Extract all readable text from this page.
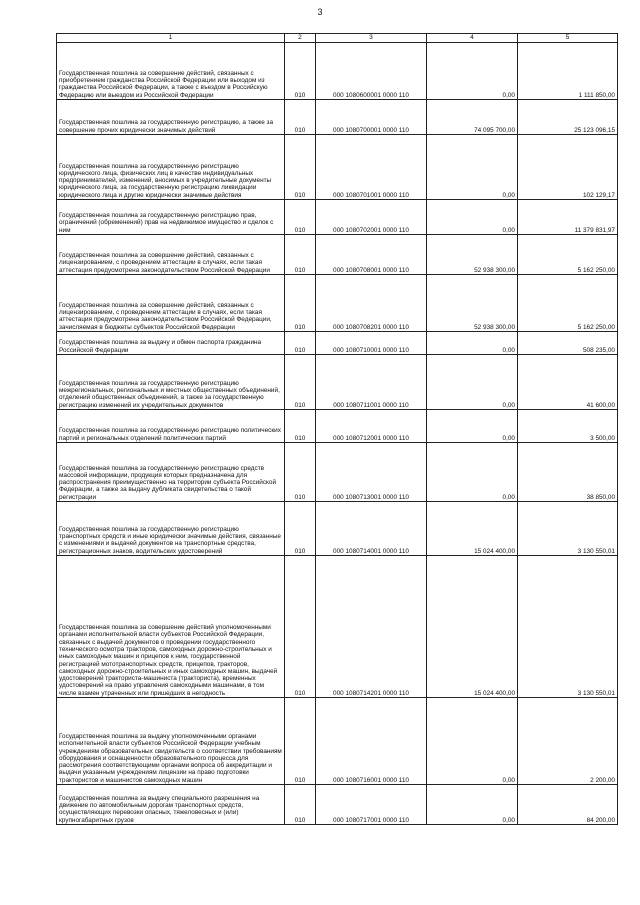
3
1	2	3	4	5
Государственная пошлина за совершение действий, связанных с приобретением гражданства Российской Федерации или выходом из гражданства Российской Федерации, а также с въездом в Российскую Федерацию или выездом из Российской Федерации	010	000 1080600001 0000 110	0,00	1 111 850,00
Государственная пошлина за государственную регистрацию, а также за совершение прочих юридически значимых действий	010	000 1080700001 0000 110	74 095 700,00	25 123 096,15
Государственная пошлина за государственную регистрацию юридического лица, физических лиц в качестве индивидуальных предпринимателей, изменений, вносимых в учредительные документы юридического лица, за государственную регистрацию ликвидации юридического лица и другие юридически значимые действия	010	000 1080701001 0000 110	0,00	102 129,17
Государственная пошлина за государственную регистрацию прав, ограничений (обременений) прав на недвижимое имущество и сделок с ним	010	000 1080702001 0000 110	0,00	11 379 831,97
Государственная пошлина за совершение действий, связанных с лицензированием, с проведением аттестации в случаях, если такая аттестация предусмотрена законодательством Российской Федерации	010	000 1080708001 0000 110	52 938 300,00	5 162 250,00
Государственная пошлина за совершение действий, связанных с лицензированием, с проведением аттестации в случаях, если такая аттестация предусмотрена законодательством Российской Федерации, зачисляемая в бюджеты субъектов Российской Федерации	010	000 1080708201 0000 110	52 938 300,00	5 162 250,00
Государственная пошлина за выдачу и обмен паспорта гражданина Российской Федерации	010	000 1080710001 0000 110	0,00	508 235,00
Государственная пошлина за государственную регистрацию межрегиональных, региональных и местных общественных объединений, отделений общественных объединений, а также за государственную регистрацию изменений их учредительных документов	010	000 1080711001 0000 110	0,00	41 600,00
Государственная пошлина за государственную регистрацию политических партий и региональных отделений политических партий	010	000 1080712001 0000 110	0,00	3 500,00
Государственная пошлина за государственную регистрацию средств массовой информации, продукция которых предназначена для распространения преимущественно на территории субъекта Российской Федерации, а также за выдачу дубликата свидетельства о такой регистрации	010	000 1080713001 0000 110	0,00	38 850,00
Государственная пошлина за государственную регистрацию транспортных средств и иные юридически значимые действия, связанные с изменениями и выдачей документов на транспортные средства, регистрационных знаков, водительских удостоверений	010	000 1080714001 0000 110	15 024 400,00	3 130 550,01
Государственная пошлина за совершение действий уполномоченными органами исполнительной власти субъектов Российской Федерации, связанных с выдачей документов о проведении государственного технического осмотра тракторов, самоходных дорожно-строительных и иных самоходных машин и прицепов к ним, государственной регистрацией мототранспортных средств, прицепов, тракторов, самоходных дорожно-строительных и иных самоходных машин, выдачей удостоверений тракториста-машиниста (тракториста), временных удостоверений на право управления самоходными машинами, в том числе взамен утраченных или пришедших в негодность	010	000 1080714201 0000 110	15 024 400,00	3 130 550,01
Государственная пошлина за выдачу уполномоченными органами исполнительной власти субъектов Российской Федерации учебным учреждениям образовательных свидетельств о соответствии требованиям оборудования и оснащенности образовательного процесса для рассмотрения соответствующими органами вопроса об аккредитации и выдачи указанным учреждениям лицензии на право подготовки трактористов и машинистов самоходных машин	010	000 1080716001 0000 110	0,00	2 200,00
Государственная пошлина за выдачу специального разрешения на движение по автомобильным дорогам транспортных средств, осуществляющих перевозки опасных, тяжеловесных и (или) крупногабаритных грузов	010	000 1080717001 0000 110	0,00	84 200,00
